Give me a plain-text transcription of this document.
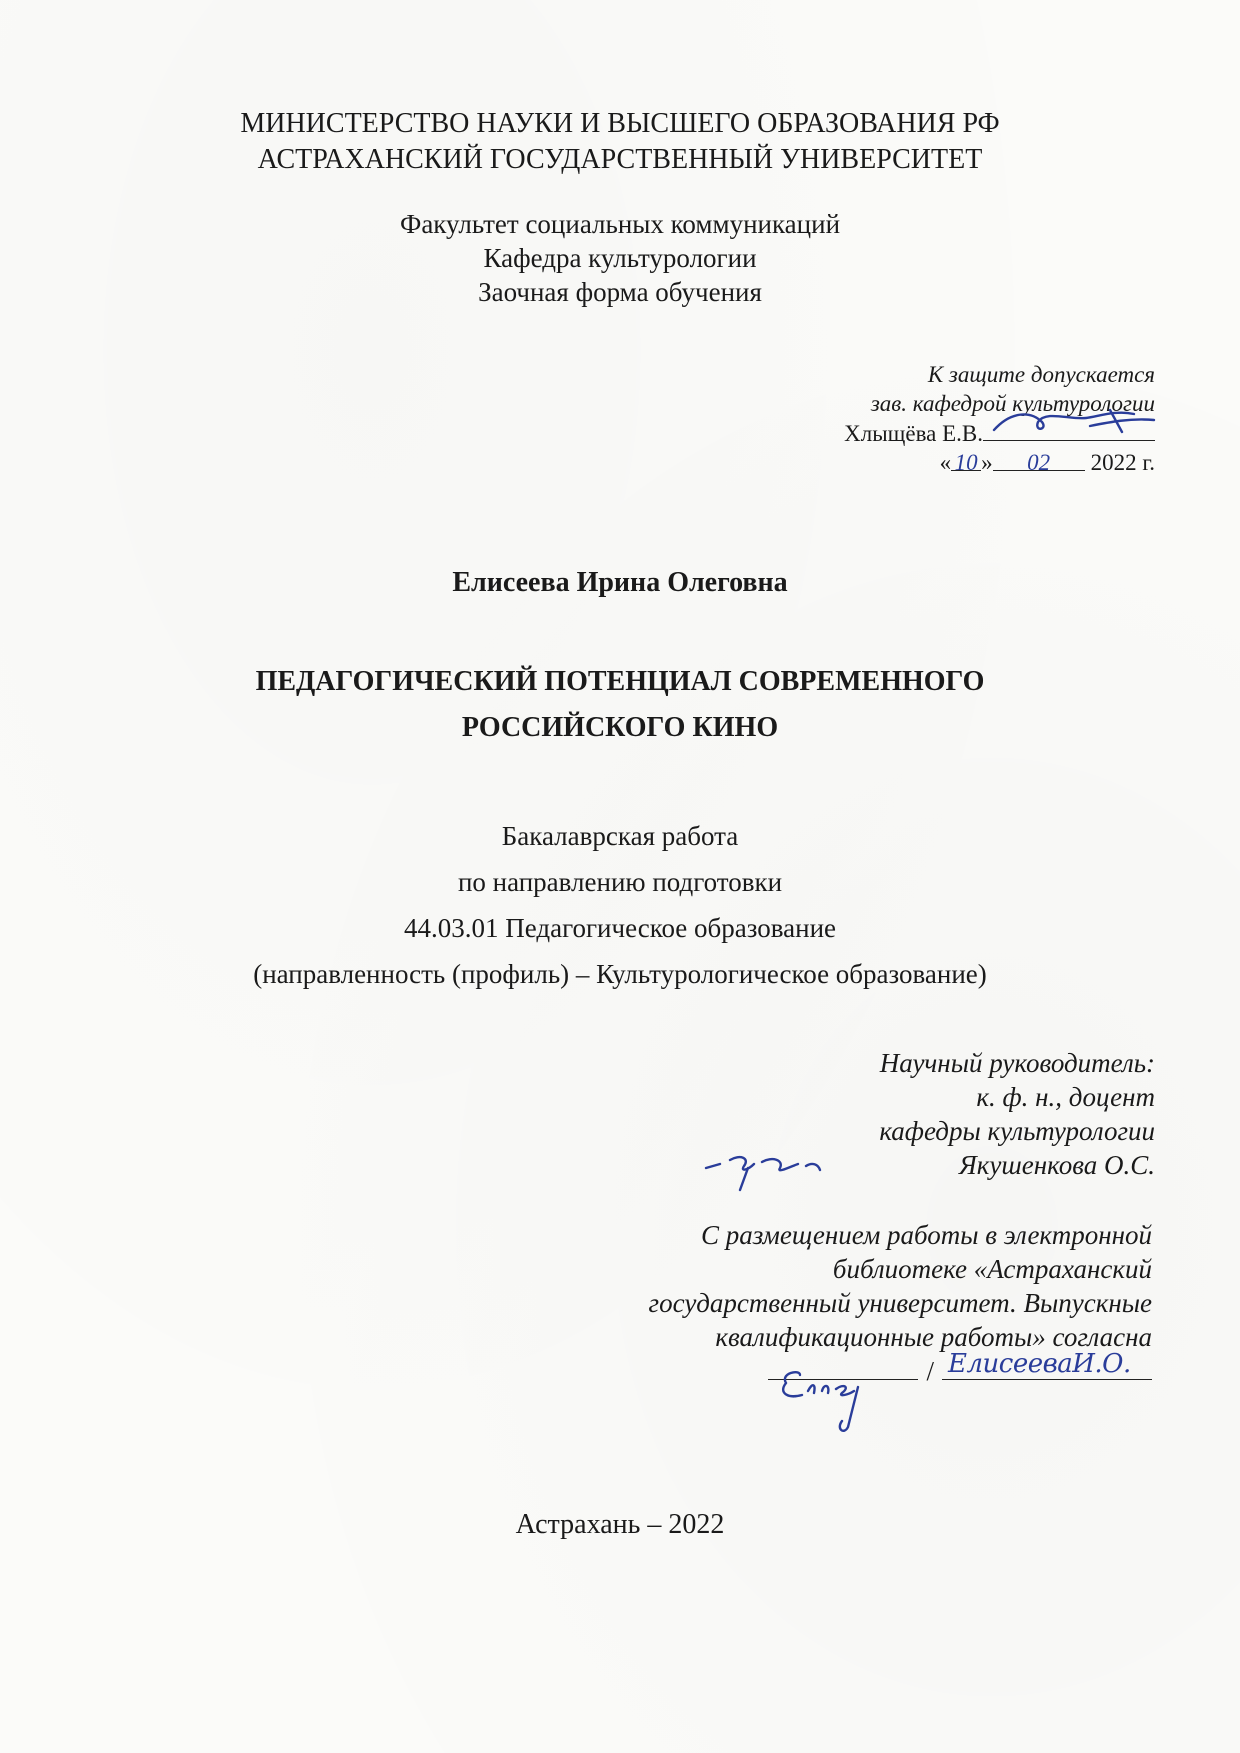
МИНИСТЕРСТВО НАУКИ И ВЫСШЕГО ОБРАЗОВАНИЯ РФ
АСТРАХАНСКИЙ ГОСУДАРСТВЕННЫЙ УНИВЕРСИТЕТ
Факультет социальных коммуникаций
Кафедра культурологии
Заочная форма обучения
К защите допускается
зав. кафедрой культурологии
Хлыщёва Е.В.
« 10 » 02 2022 г.
Елисеева Ирина Олеговна
ПЕДАГОГИЧЕСКИЙ ПОТЕНЦИАЛ СОВРЕМЕННОГО
РОССИЙСКОГО КИНО
Бакалаврская работа
по направлению подготовки
44.03.01 Педагогическое образование
(направленность (профиль) – Культурологическое образование)
Научный руководитель:
к. ф. н., доцент
кафедры культурологии
Якушенкова О.С.
С размещением работы в электронной
библиотеке «Астраханский
государственный университет. Выпускные
квалификационные работы» согласна
/ ЕлисееваИ.О.
Астрахань – 2022
